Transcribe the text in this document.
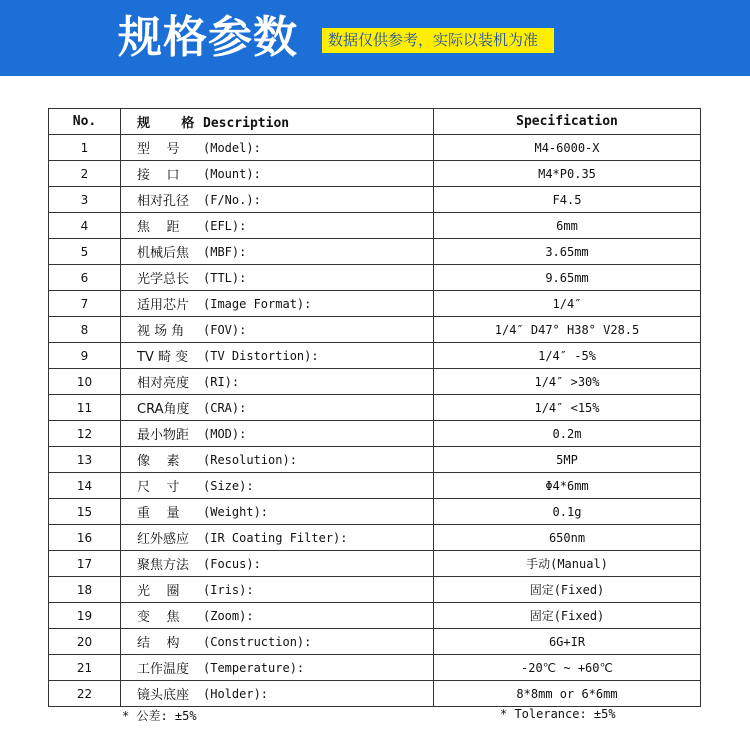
规格参数	数据仅供参考，实际以装机为准
No.	规    格 Description	Specification
1	型    号 (Model):	M4-6000-X
2	接    口 (Mount):	M4*P0.35
3	相对孔径 (F/No.):	F4.5
4	焦    距 (EFL):	6mm
5	机械后焦 (MBF):	3.65mm
6	光学总长 (TTL):	9.65mm
7	适用芯片 (Image Format):	1/4″
8	视 场 角 (FOV):	1/4″ D47° H38° V28.5
9	TV 畸 变 (TV Distortion):	1/4″ -5%
10	相对亮度 (RI):	1/4″ >30%
11	CRA角度 (CRA):	1/4″ <15%
12	最小物距 (MOD):	0.2m
13	像    素 (Resolution):	5MP
14	尺    寸 (Size):	Φ4*6mm
15	重    量 (Weight):	0.1g
16	红外感应 (IR Coating Filter):	650nm
17	聚焦方法 (Focus):	手动(Manual)
18	光    圈 (Iris):	固定(Fixed)
19	变    焦 (Zoom):	固定(Fixed)
20	结    构 (Construction):	6G+IR
21	工作温度 (Temperature):	-20℃ ~ +60℃
22	镜头底座 (Holder):	8*8mm or 6*6mm
* 公差: ±5%	* Tolerance: ±5%
